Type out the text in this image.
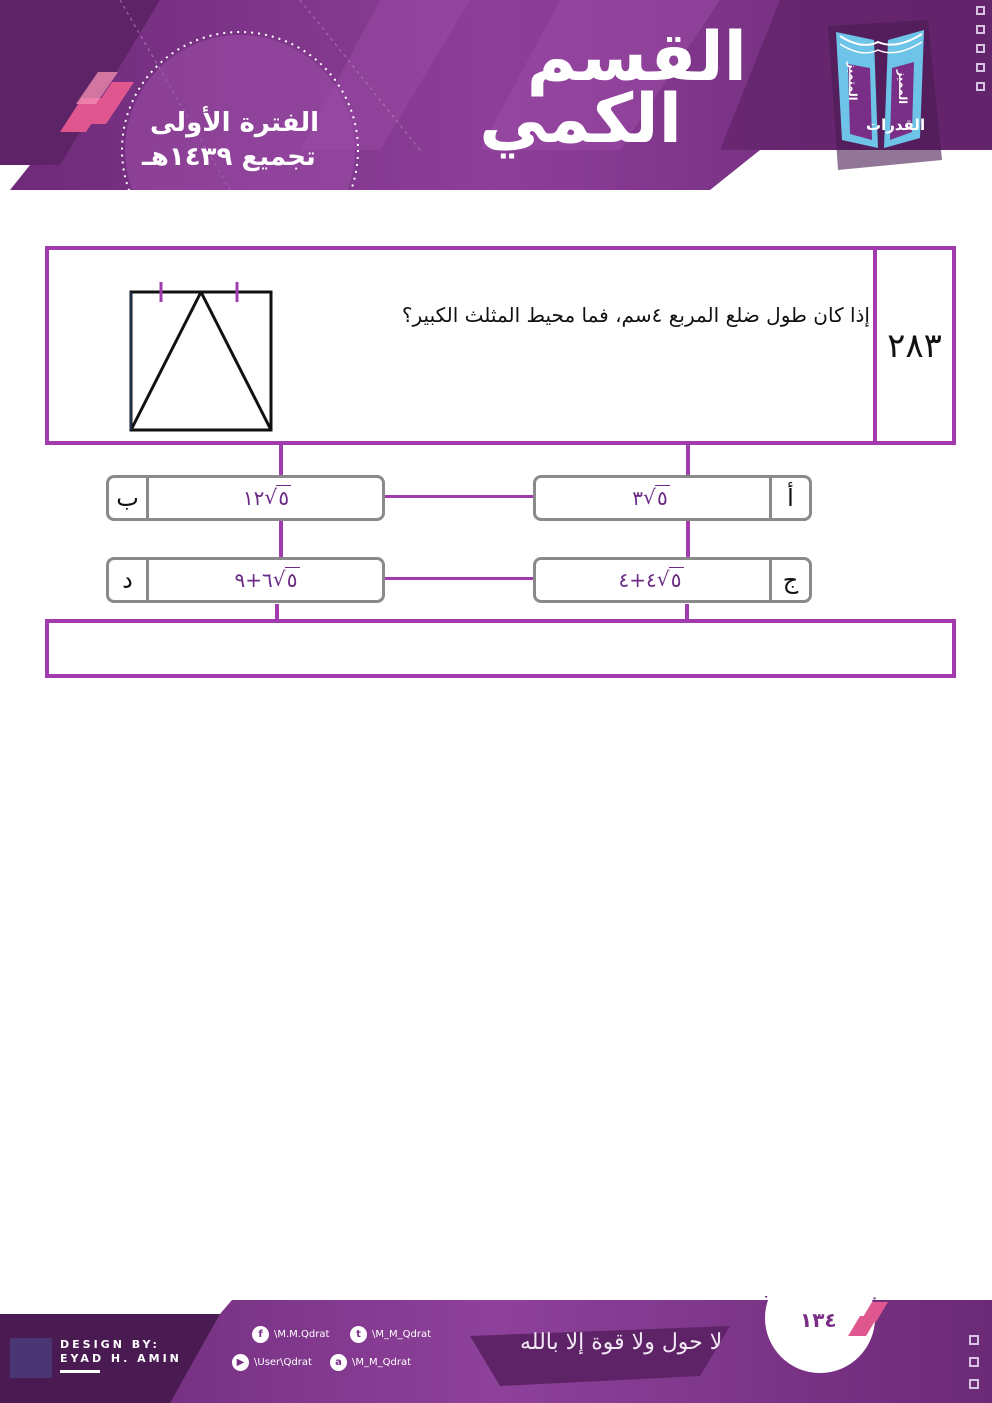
القسم
الكمي
الفترة الأولى
تجميع ١٤٣٩هـ
القدرات
المتميز	المميز
٢٨٣
إذا كان طول ضلع المربع ٤سم، فما محيط المثلث الكبير؟
أ
٣ √ ٥
ب	١٢ √ ٥
ج
٤+٤ √ ٥
د	٦+٩ √ ٥
DESIGN BY:
EYAD H. AMIN
f	\M.M.Qdrat	t	\M_M_Qdrat
▶ \User\Qdrat	a	\M_M_Qdrat
لا حول ولا قوة إلا بالله
١٣٤
